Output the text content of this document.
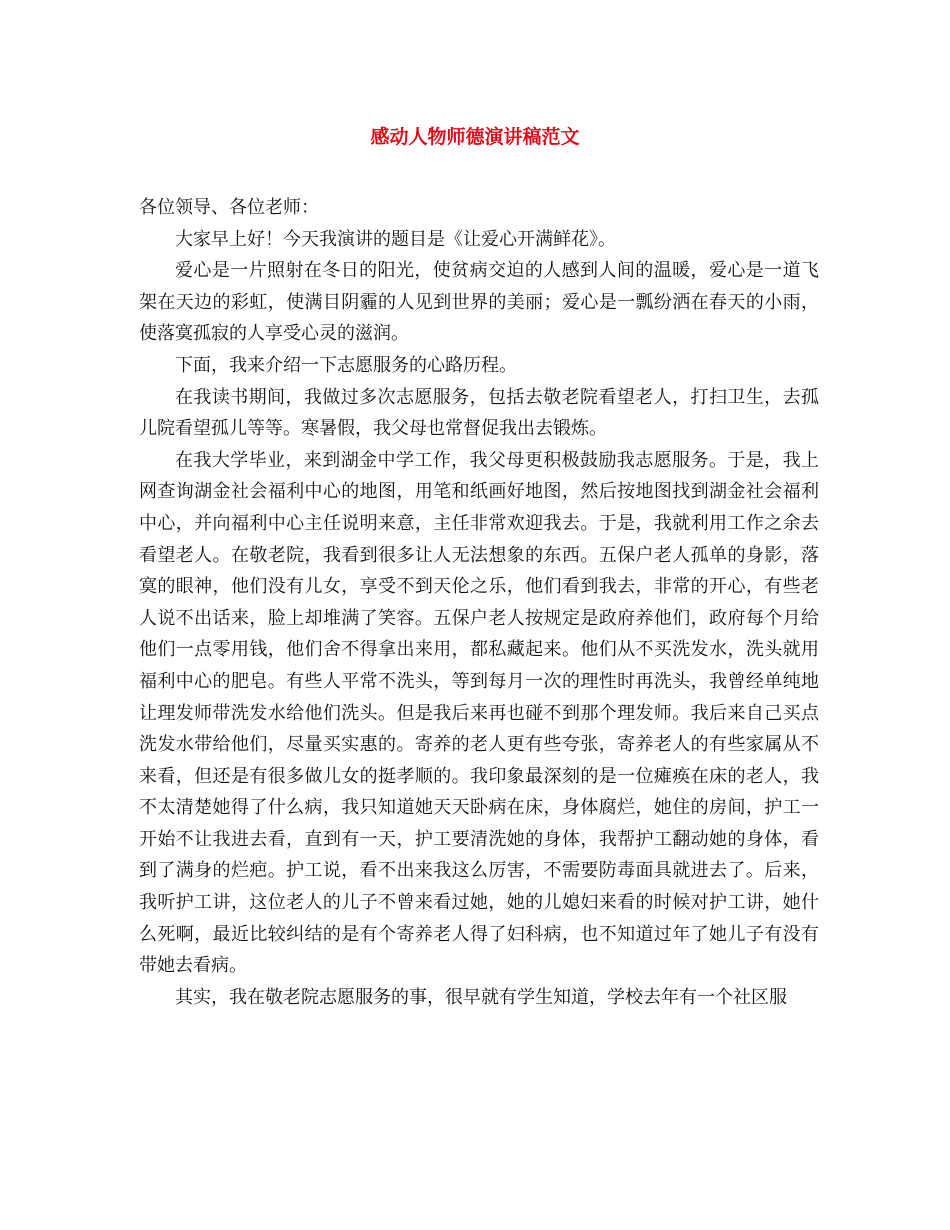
感动人物师德演讲稿范文

各位领导、各位老师：

大家早上好！今天我演讲的题目是《让爱心开满鲜花》。

爱心是一片照射在冬日的阳光，使贫病交迫的人感到人间的温暖，爱心是一道飞架在天边的彩虹，使满目阴霾的人见到世界的美丽；爱心是一瓢纷洒在春天的小雨，使落寞孤寂的人享受心灵的滋润。

下面，我来介绍一下志愿服务的心路历程。

在我读书期间，我做过多次志愿服务，包括去敬老院看望老人，打扫卫生，去孤儿院看望孤儿等等。寒暑假，我父母也常督促我出去锻炼。

在我大学毕业，来到湖金中学工作，我父母更积极鼓励我志愿服务。于是，我上网查询湖金社会福利中心的地图，用笔和纸画好地图，然后按地图找到湖金社会福利中心，并向福利中心主任说明来意，主任非常欢迎我去。于是，我就利用工作之余去看望老人。在敬老院，我看到很多让人无法想象的东西。五保户老人孤单的身影，落寞的眼神，他们没有儿女，享受不到天伦之乐，他们看到我去，非常的开心，有些老人说不出话来，脸上却堆满了笑容。五保户老人按规定是政府养他们，政府每个月给他们一点零用钱，他们舍不得拿出来用，都私藏起来。他们从不买洗发水，洗头就用福利中心的肥皂。有些人平常不洗头，等到每月一次的理性时再洗头，我曾经单纯地让理发师带洗发水给他们洗头。但是我后来再也碰不到那个理发师。我后来自己买点洗发水带给他们，尽量买实惠的。寄养的老人更有些夸张，寄养老人的有些家属从不来看，但还是有很多做儿女的挺孝顺的。我印象最深刻的是一位瘫痪在床的老人，我不太清楚她得了什么病，我只知道她天天卧病在床，身体腐烂，她住的房间，护工一开始不让我进去看，直到有一天，护工要清洗她的身体，我帮护工翻动她的身体，看到了满身的烂疤。护工说，看不出来我这么厉害，不需要防毒面具就进去了。后来，我听护工讲，这位老人的儿子不曾来看过她，她的儿媳妇来看的时候对护工讲，她什么死啊，最近比较纠结的是有个寄养老人得了妇科病，也不知道过年了她儿子有没有带她去看病。

其实，我在敬老院志愿服务的事，很早就有学生知道，学校去年有一个社区服
